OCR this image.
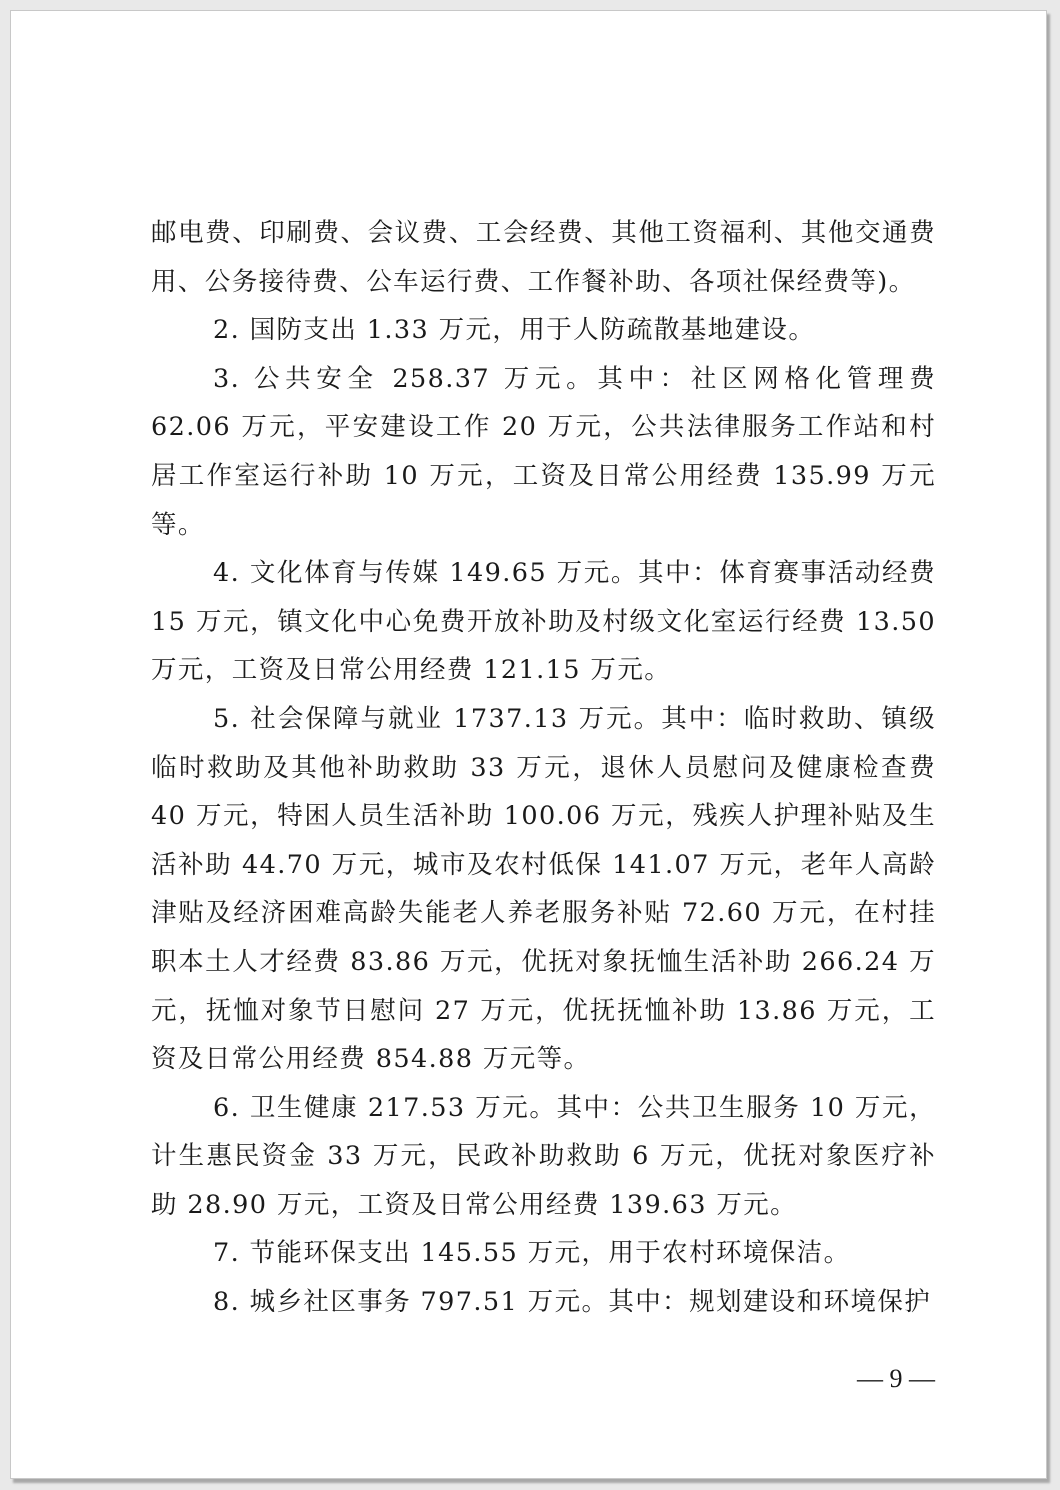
邮电费、印刷费、会议费、工会经费、其他工资福利、其他交通费用、公务接待费、公车运行费、工作餐补助、各项社保经费等)。

2. 国防支出 1.33 万元，用于人防疏散基地建设。

3. 公共安全 258.37 万元。其中：社区网格化管理费 62.06 万元，平安建设工作 20 万元，公共法律服务工作站和村居工作室运行补助 10 万元，工资及日常公用经费 135.99 万元等。

4. 文化体育与传媒 149.65 万元。其中：体育赛事活动经费 15 万元，镇文化中心免费开放补助及村级文化室运行经费 13.50 万元，工资及日常公用经费 121.15 万元。

5. 社会保障与就业 1737.13 万元。其中：临时救助、镇级临时救助及其他补助救助 33 万元，退休人员慰问及健康检查费 40 万元，特困人员生活补助 100.06 万元，残疾人护理补贴及生活补助 44.70 万元，城市及农村低保 141.07 万元，老年人高龄津贴及经济困难高龄失能老人养老服务补贴 72.60 万元，在村挂职本土人才经费 83.86 万元，优抚对象抚恤生活补助 266.24 万元，抚恤对象节日慰问 27 万元，优抚抚恤补助 13.86 万元，工资及日常公用经费 854.88 万元等。

6. 卫生健康 217.53 万元。其中：公共卫生服务 10 万元，计生惠民资金 33 万元，民政补助救助 6 万元，优抚对象医疗补助 28.90 万元，工资及日常公用经费 139.63 万元。

7. 节能环保支出 145.55 万元，用于农村环境保洁。

8. 城乡社区事务 797.51 万元。其中：规划建设和环境保护

— 9 —
